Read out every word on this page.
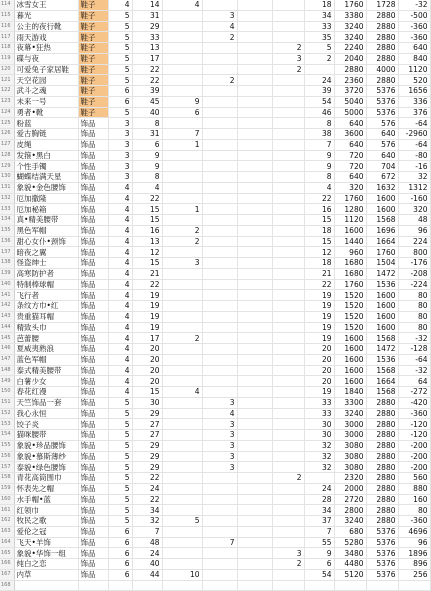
114	冰雪女王	鞋子	4	14	4				18	1760	1728	-32
115	暮光	鞋子	5	31		3			34	3380	2880	-500
116	公主的夜行靴	鞋子	5	29		4			33	3240	2880	-360
117	雨天游戏	鞋子	5	33		2			35	3240	2880	-360
118	夜幕•狂热	鞋子	5	13				2	5	2240	2880	640
119	碟与夜	鞋子	5	17				3	2	2040	2880	840
120	可爱兔子家居鞋	鞋子	5	22				2		2880	4000	1120
121	天空花园	鞋子	5	22		2			24	2360	2880	520
122	武斗之魂	鞋子	6	39					39	3720	5376	1656
123	未来一号	鞋子	6	45	9				54	5040	5376	336
124	勇者•靴	鞋子	5	40	6				46	5000	5376	376
125	粉蓝	饰品	3	8					8	640	576	-64
126	爱古胸链	饰品	3	31	7				38	3600	640	-2960
127	皮绳	饰品	3	6	1				7	640	576	-64
128	发箍•黑白	饰品	3	9					9	720	640	-80
129	个性手镯	饰品	3	9					9	720	704	-16
130	蝴蝶结满天星	饰品	3	8					8	640	672	32
131	象貌•金色腰饰	饰品	4	4					4	320	1632	1312
132	厄加撒隆	饰品	4	22					22	1760	1600	-160
133	厄加秘箱	饰品	4	15	1				16	1280	1600	320
134	真•精美腰带	饰品	4	15					15	1120	1568	48
135	黑色军帽	饰品	4	16	2				18	1600	1696	96
136	甜心女仆•颈饰	饰品	4	13	2				15	1440	1664	224
137	暗夜之翼	饰品	4	12					12	960	1760	800
138	怪盗绅士	饰品	4	15	3				18	1680	1504	-176
139	高寒防护者	饰品	4	21					21	1680	1472	-208
140	特制棒球帽	饰品	4	22					22	1760	1536	-224
141	飞行者	饰品	4	19					19	1520	1600	80
142	条纹方巾•红	饰品	4	19					19	1520	1600	80
143	贵重猫耳帽	饰品	4	19					19	1520	1600	80
144	精致头巾	饰品	4	19					19	1520	1600	80
145	芭蕾腰	饰品	4	17	2				19	1600	1568	-32
146	夏威夷熟浪	饰品	4	20					20	1600	1472	-128
147	蓝色军帽	饰品	4	20					20	1600	1536	-64
148	泰式精美腰带	饰品	4	20					20	1600	1568	-32
149	白薯少女	饰品	4	20					20	1600	1664	64
150	春花红漫	饰品	4	15	4				19	1840	1568	-272
151	天竺饰品一套	饰品	5	30		3			33	3300	2880	-420
152	我心永恒	饰品	5	29		4			33	3240	2880	-360
153	饺子炎	饰品	5	27		3			30	3000	2880	-120
154	猫咪腰带	饰品	5	27		3			30	3000	2880	-120
155	象貌•珍品腰饰	饰品	5	29		3			32	3080	2880	-200
156	象貌•慕斯薄纱	饰品	5	29		3			32	3080	2880	-200
157	泰貌•绿色腰饰	饰品	5	29		3			32	3080	2880	-200
158	青花高筒围巾	饰品	5	22				2		2320	2880	560
159	怀表先之帽	饰品	5	24					24	2000	2880	880
160	水手帽•蓝	饰品	5	22					28	2720	2880	160
161	红领巾	饰品	5	34					34	2800	2880	80
162	牧民之歌	饰品	5	32	5				37	3240	2880	-360
163	爱伦之冠	饰品	6	7					7	680	5376	4696
164	飞天•羊饰	饰品	6	48		7			55	5280	5376	96
165	象貌•华饰一组	饰品	6	24				3	9	3480	5376	1896
166	纯白之恋	饰品	6	40				2	6	4480	5376	896
167	内草	饰品	6	44	10				54	5120	5376	256
168												
